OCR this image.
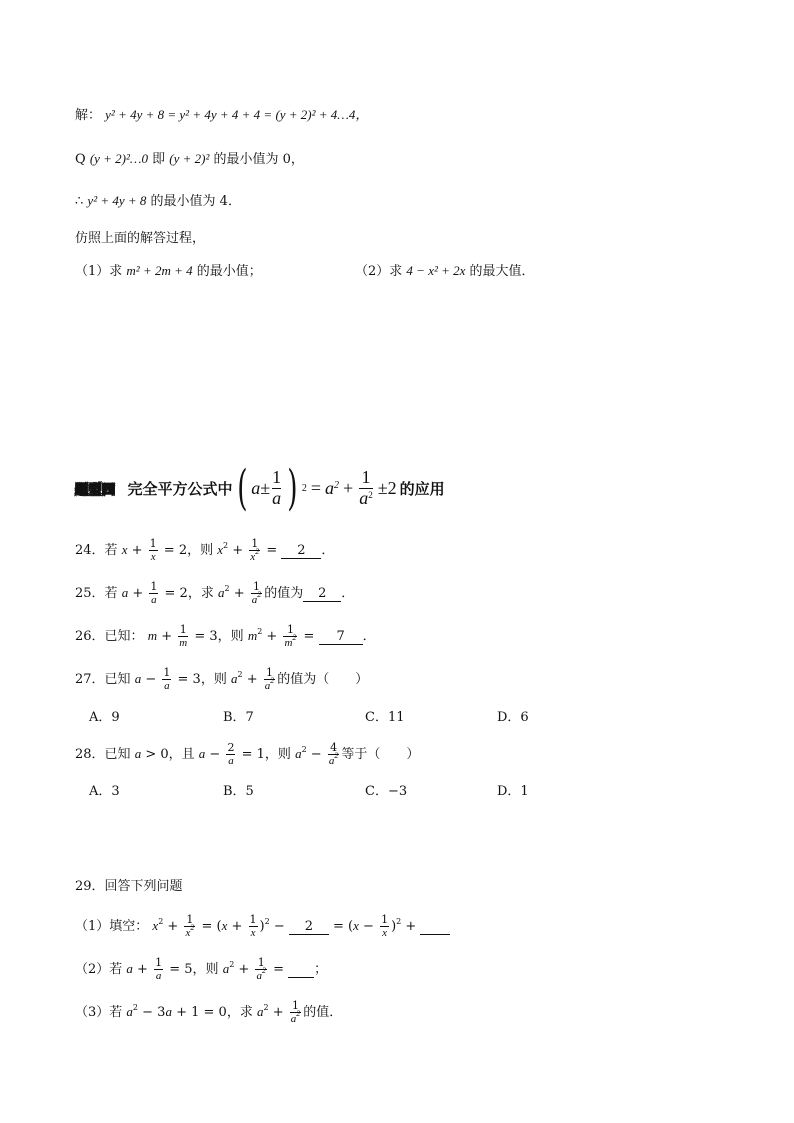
解： y² + 4y + 8 = y² + 4y + 4 + 4 = (y + 2)² + 4…4，
Q (y + 2)²…0 即 (y + 2)² 的最小值为 0，
∴ y² + 4y + 8 的最小值为 4．
仿照上面的解答过程，
（1）求 m² + 2m + 4 的最小值；	（2）求 4 − x² + 2x 的最大值．
题型四 完全平方公式中 ( $a \pm \frac{1}{a}$ ) $2 = a^2 + \frac{1}{a^2} \pm 2$ 的应用
24．若 $x + \frac{1}{x} = 2$，则 $x^2 + \frac{1}{x^2} = 2$ ．
25．若 $a + \frac{1}{a} = 2$，求 $a^2 + \frac{1}{a^2}$ 的值为 2 ．
26．已知： $m + \frac{1}{m} = 3$，则 $m^2 + \frac{1}{m^2} = 7$ ．
27．已知 $a - \frac{1}{a} = 3$，则 $a^2 + \frac{1}{a^2}$ 的值为（　　）
A．9	B．7	C．11	D．6
28．已知 a > 0，且 $a - \frac{2}{a} = 1$，则 $a^2 - \frac{4}{a^2}$ 等于（　　）
A．3	B．5	C．−3	D．1
29．回答下列问题
（1）填空： $x^2 + \frac{1}{x^2} = (x + \frac{1}{x} )^2 - 2 = (x - \frac{1}{x} )^2$ +
（2）若 $a + \frac{1}{a} = 5$，则 $a^2 + \frac{1}{a^2}$ =  ；
（3）若 $a^2 - 3a + 1 = 0$，求 $a^2 + \frac{1}{a^2}$ 的值．
